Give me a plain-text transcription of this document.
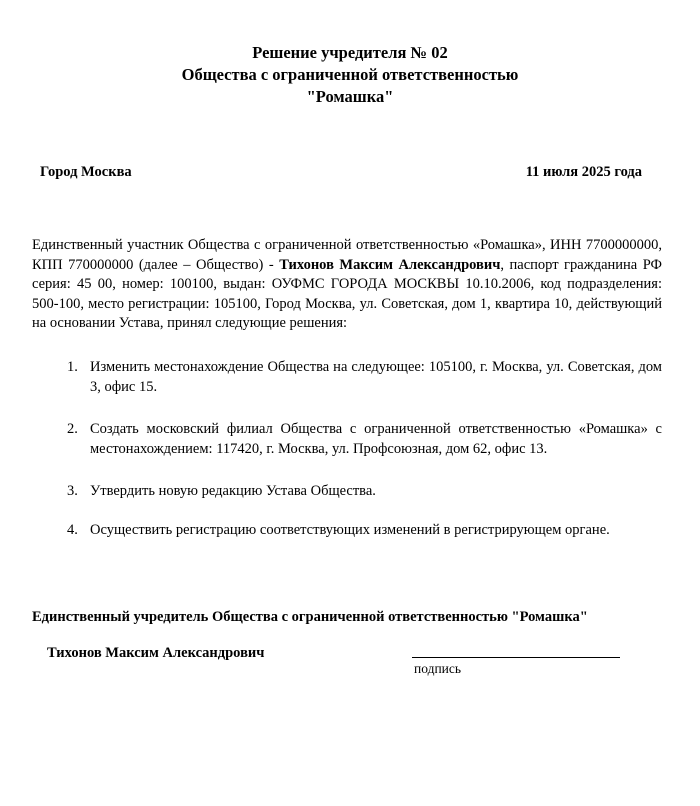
Решение учредителя № 02
Общества с ограниченной ответственностью
"Ромашка"
Город Москва	11 июля 2025 года
Единственный участник Общества с ограниченной ответственностью «Ромашка», ИНН 7700000000, КПП 770000000 (далее – Общество) - Тихонов Максим Александрович, паспорт гражданина РФ серия: 45 00, номер: 100100, выдан: ОУФМС ГОРОДА МОСКВЫ 10.10.2006, код подразделения: 500-100, место регистрации: 105100, Город Москва, ул. Советская, дом 1, квартира 10, действующий на основании Устава, принял следующие решения:
1. Изменить местонахождение Общества на следующее: 105100, г. Москва, ул. Советская, дом 3, офис 15.
2. Создать московский филиал Общества с ограниченной ответственностью «Ромашка» с местонахождением: 117420, г. Москва, ул. Профсоюзная, дом 62, офис 13.
3. Утвердить новую редакцию Устава Общества.
4. Осуществить регистрацию соответствующих изменений в регистрирующем органе.
Единственный учредитель Общества с ограниченной ответственностью "Ромашка"
Тихонов Максим Александрович
подпись
